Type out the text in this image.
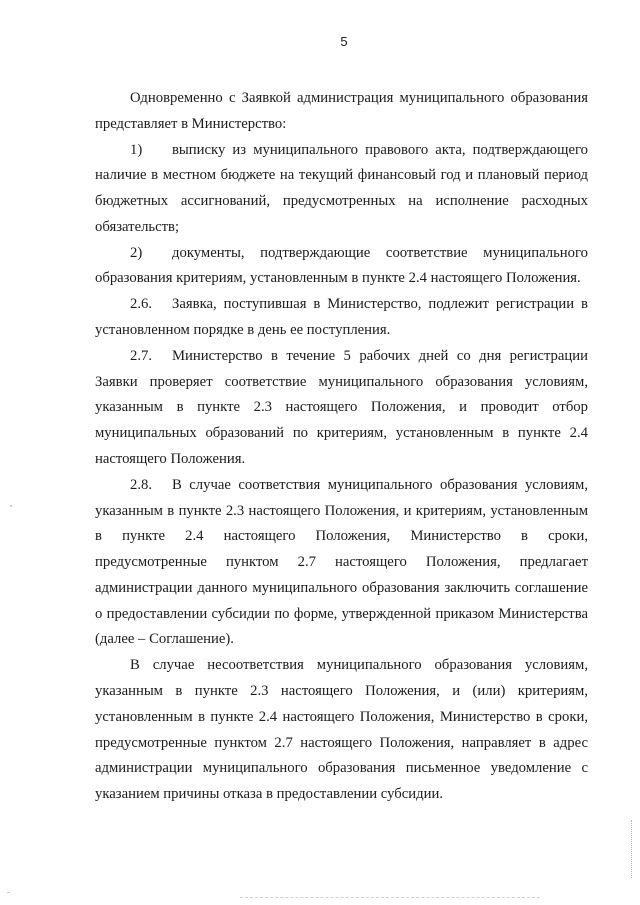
5
Одновременно с Заявкой администрация муниципального образования
представляет в Министерство:
1) выписку из муниципального правового акта, подтверждающего
наличие в местном бюджете на текущий финансовый год и плановый период
бюджетных ассигнований, предусмотренных на исполнение расходных
обязательств;
2) документы, подтверждающие соответствие муниципального
образования критериям, установленным в пункте 2.4 настоящего Положения.
2.6. Заявка, поступившая в Министерство, подлежит регистрации в
установленном порядке в день ее поступления.
2.7. Министерство в течение 5 рабочих дней со дня регистрации
Заявки проверяет соответствие муниципального образования условиям,
указанным в пункте 2.3 настоящего Положения, и проводит отбор
муниципальных образований по критериям, установленным в пункте 2.4
настоящего Положения.
2.8. В случае соответствия муниципального образования условиям,
указанным в пункте 2.3 настоящего Положения, и критериям, установленным
в пункте 2.4 настоящего Положения, Министерство в сроки,
предусмотренные пунктом 2.7 настоящего Положения, предлагает
администрации данного муниципального образования заключить соглашение
о предоставлении субсидии по форме, утвержденной приказом Министерства
(далее – Соглашение).
В случае несоответствия муниципального образования условиям,
указанным в пункте 2.3 настоящего Положения, и (или) критериям,
установленным в пункте 2.4 настоящего Положения, Министерство в сроки,
предусмотренные пунктом 2.7 настоящего Положения, направляет в адрес
администрации муниципального образования письменное уведомление с
указанием причины отказа в предоставлении субсидии.
